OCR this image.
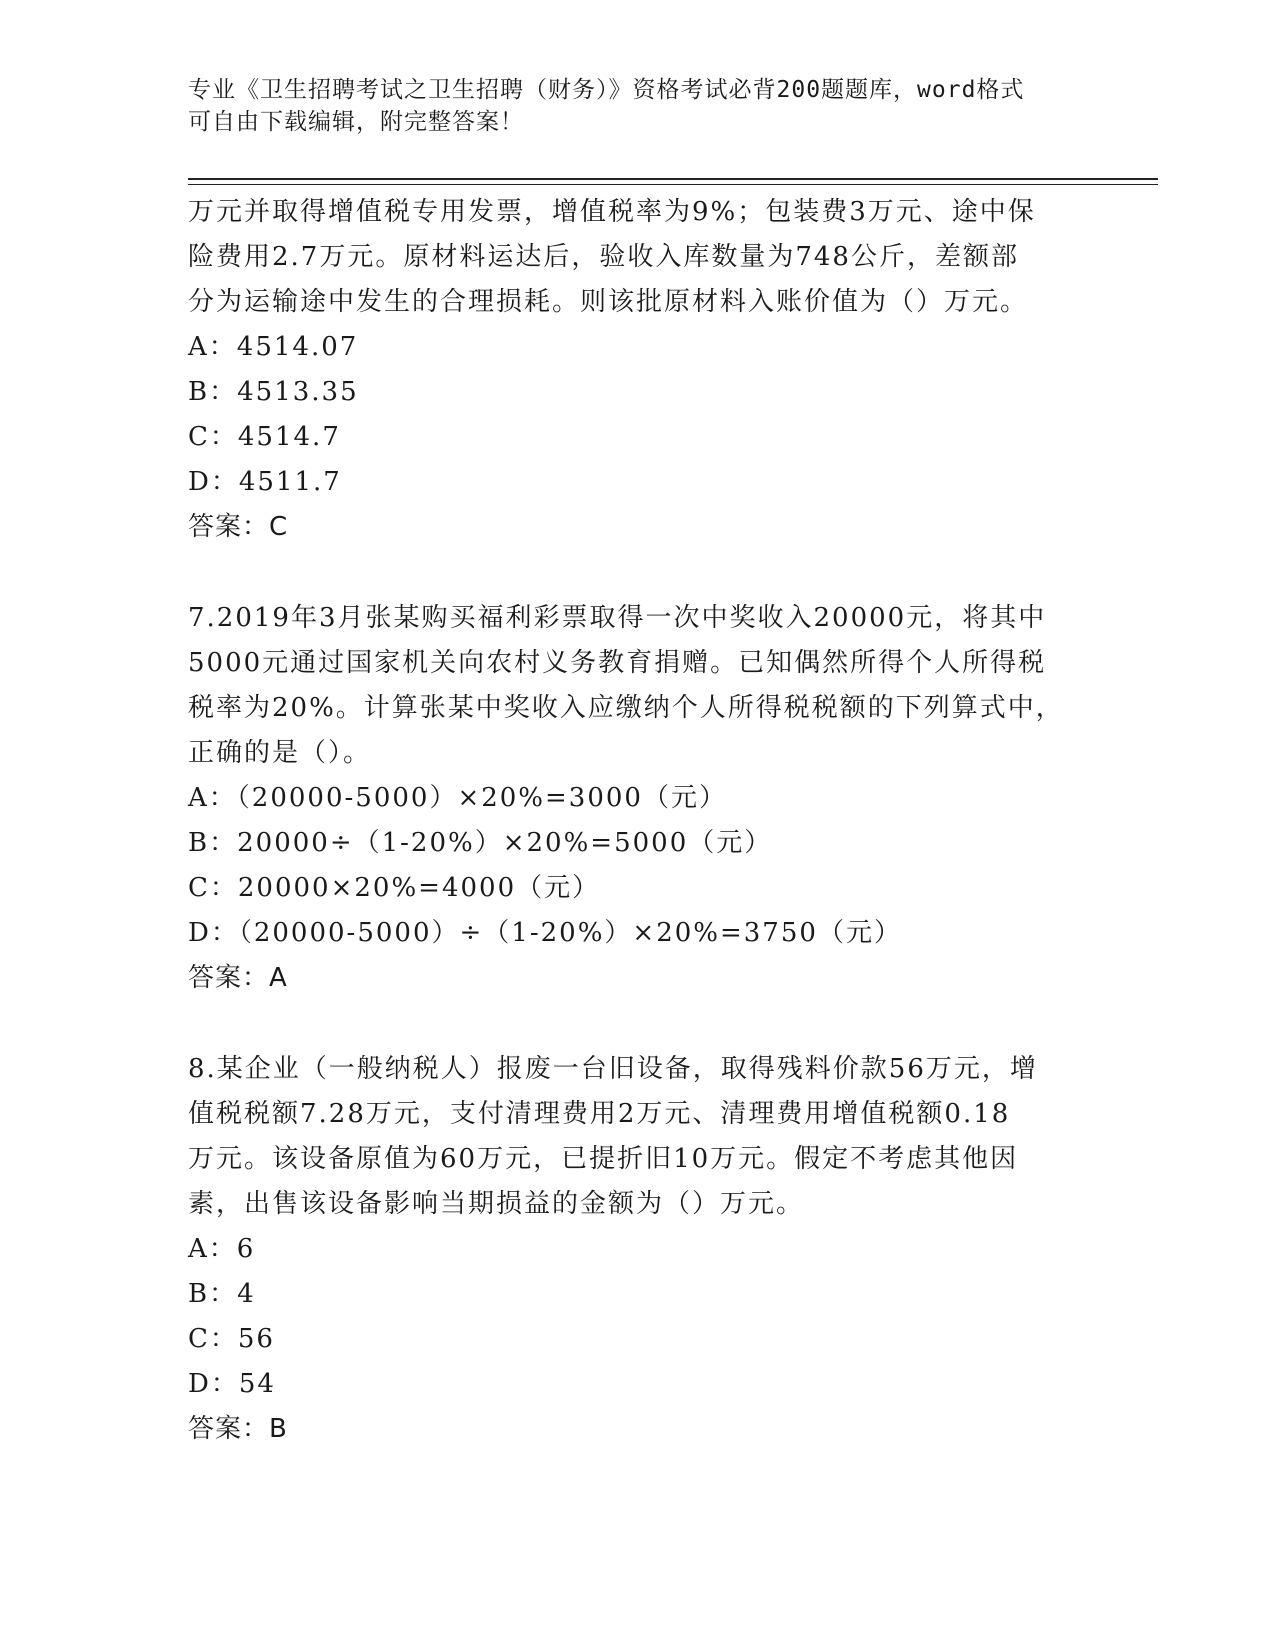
专业《卫生招聘考试之卫生招聘（财务）》资格考试必背200题题库，word格式
可自由下载编辑，附完整答案！
万元并取得增值税专用发票，增值税率为9%；包装费3万元、途中保
险费用2.7万元。原材料运达后，验收入库数量为748公斤，差额部
分为运输途中发生的合理损耗。则该批原材料入账价值为（）万元。
A：4514.07
B：4513.35
C：4514.7
D：4511.7
答案：C
7.2019年3月张某购买福利彩票取得一次中奖收入20000元，将其中
5000元通过国家机关向农村义务教育捐赠。已知偶然所得个人所得税
税率为20%。计算张某中奖收入应缴纳个人所得税税额的下列算式中，
正确的是（）。
A：（20000-5000）×20%=3000（元）
B：20000÷（1-20%）×20%=5000（元）
C：20000×20%=4000（元）
D：（20000-5000）÷（1-20%）×20%=3750（元）
答案：A
8.某企业（一般纳税人）报废一台旧设备，取得残料价款56万元，增
值税税额7.28万元，支付清理费用2万元、清理费用增值税额0.18
万元。该设备原值为60万元，已提折旧10万元。假定不考虑其他因
素，出售该设备影响当期损益的金额为（）万元。
A：6
B：4
C：56
D：54
答案：B
